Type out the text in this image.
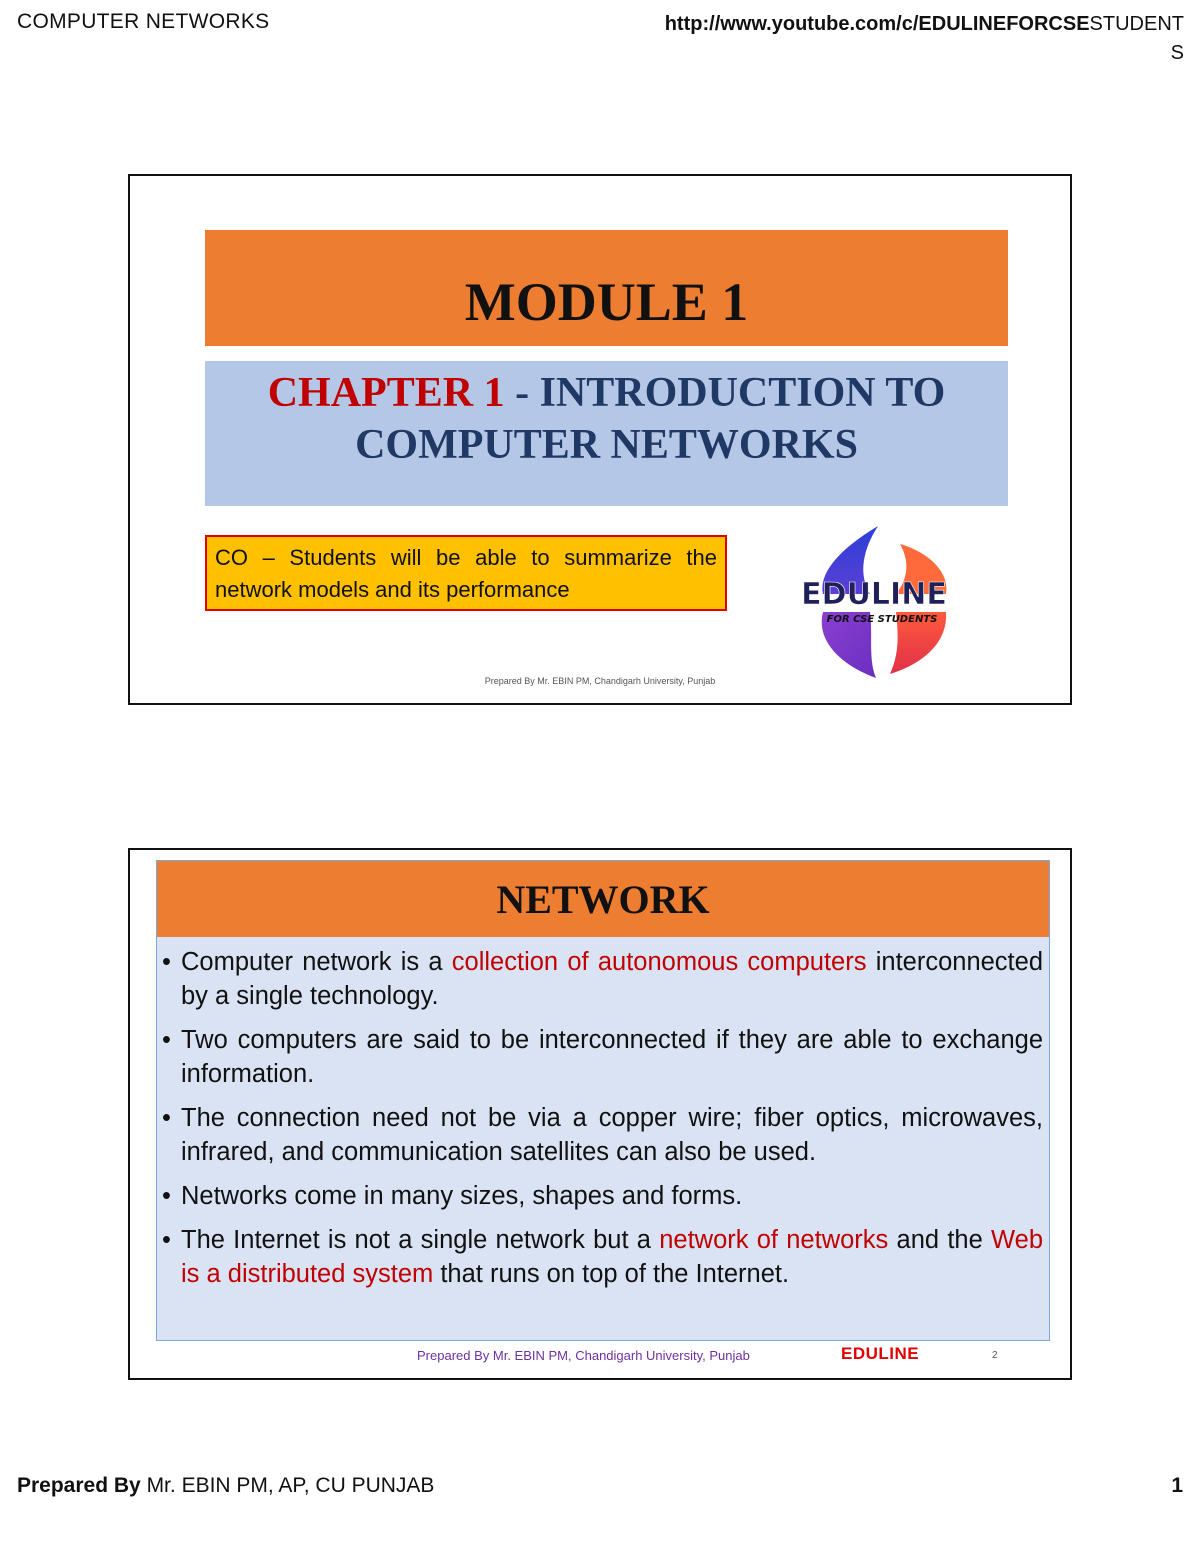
COMPUTER NETWORKS	http://www.youtube.com/c/EDULINEFORCSESTUDENTS
MODULE 1
CHAPTER 1 - INTRODUCTION TO
COMPUTER NETWORKS
CO – Students will be able to summarize the network models and its performance	EDULINE
FOR CSE STUDENTS
Prepared By Mr. EBIN PM, Chandigarh University, Punjab
NETWORK
• Computer network is a collection of autonomous computers interconnected by a single technology.
• Two computers are said to be interconnected if they are able to exchange information.
• The connection need not be via a copper wire; fiber optics, microwaves, infrared, and communication satellites can also be used.
• Networks come in many sizes, shapes and forms.
• The Internet is not a single network but a network of networks and the Web is a distributed system that runs on top of the Internet.
Prepared By Mr. EBIN PM, Chandigarh University, Punjab	EDULINE	2
Prepared By Mr. EBIN PM, AP, CU PUNJAB	1
